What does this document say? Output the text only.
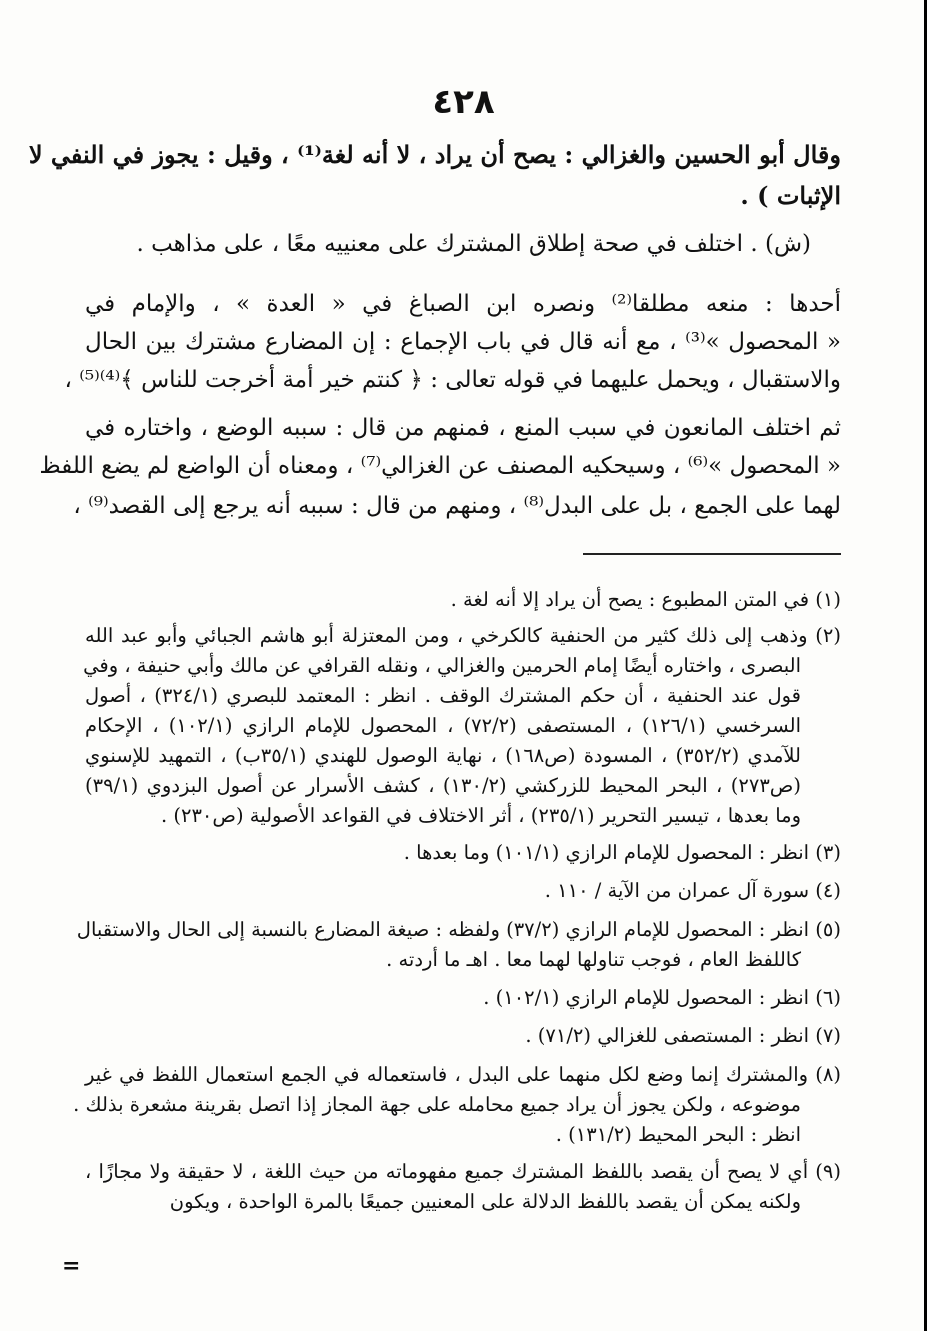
٤٢٨
وقال أبو الحسين والغزالي : يصح أن يراد ، لا أنه لغة⁽¹⁾ ، وقيل : يجوز في النفي لا
الإثبات ) .
(ش) . اختلف في صحة إطلاق المشترك على معنييه معًا ، على مذاهب .
أحدها : منعه مطلقا⁽²⁾ ونصره ابن الصباغ في « العدة » ، والإمام في
« المحصول »⁽³⁾ ، مع أنه قال في باب الإجماع : إن المضارع مشترك بين الحال
والاستقبال ، ويحمل عليهما في قوله تعالى : ﴿ كنتم خير أمة أخرجت للناس ﴾⁽⁴⁾⁽⁵⁾ ،
ثم اختلف المانعون في سبب المنع ، فمنهم من قال : سببه الوضع ، واختاره في
« المحصول »⁽⁶⁾ ، وسيحكيه المصنف عن الغزالي⁽⁷⁾ ، ومعناه أن الواضع لم يضع اللفظ
لهما على الجمع ، بل على البدل⁽⁸⁾ ، ومنهم من قال : سببه أنه يرجع إلى القصد⁽⁹⁾ ،
(١) في المتن المطبوع : يصح أن يراد إلا أنه لغة .
(٢) وذهب إلى ذلك كثير من الحنفية كالكرخي ، ومن المعتزلة أبو هاشم الجبائي وأبو عبد الله
البصرى ، واختاره أيضًا إمام الحرمين والغزالي ، ونقله القرافي عن مالك وأبي حنيفة ، وفي
قول عند الحنفية ، أن حكم المشترك الوقف . انظر : المعتمد للبصري (٣٢٤/١) ، أصول
السرخسي (١٢٦/١) ، المستصفى (٧٢/٢) ، المحصول للإمام الرازي (١٠٢/١) ، الإحكام
للآمدي (٣٥٢/٢) ، المسودة (ص١٦٨) ، نهاية الوصول للهندي (٣٥/١ب) ، التمهيد للإسنوي
(ص٢٧٣) ، البحر المحيط للزركشي (١٣٠/٢) ، كشف الأسرار عن أصول البزدوي (٣٩/١)
وما بعدها ، تيسير التحرير (٢٣٥/١) ، أثر الاختلاف في القواعد الأصولية (ص٢٣٠) .
(٣) انظر : المحصول للإمام الرازي (١٠١/١) وما بعدها .
(٤) سورة آل عمران من الآية / ١١٠ .
(٥) انظر : المحصول للإمام الرازي (٣٧/٢) ولفظه : صيغة المضارع بالنسبة إلى الحال والاستقبال
كاللفظ العام ، فوجب تناولها لهما معا . اهـ ما أردته .
(٦) انظر : المحصول للإمام الرازي (١٠٢/١) .
(٧) انظر : المستصفى للغزالي (٧١/٢) .
(٨) والمشترك إنما وضع لكل منهما على البدل ، فاستعماله في الجمع استعمال اللفظ في غير
موضوعه ، ولكن يجوز أن يراد جميع محامله على جهة المجاز إذا اتصل بقرينة مشعرة بذلك .
انظر : البحر المحيط (١٣١/٢) .
(٩) أي لا يصح أن يقصد باللفظ المشترك جميع مفهوماته من حيث اللغة ، لا حقيقة ولا مجازًا ،
ولكنه يمكن أن يقصد باللفظ الدلالة على المعنيين جميعًا بالمرة الواحدة ، ويكون
=
